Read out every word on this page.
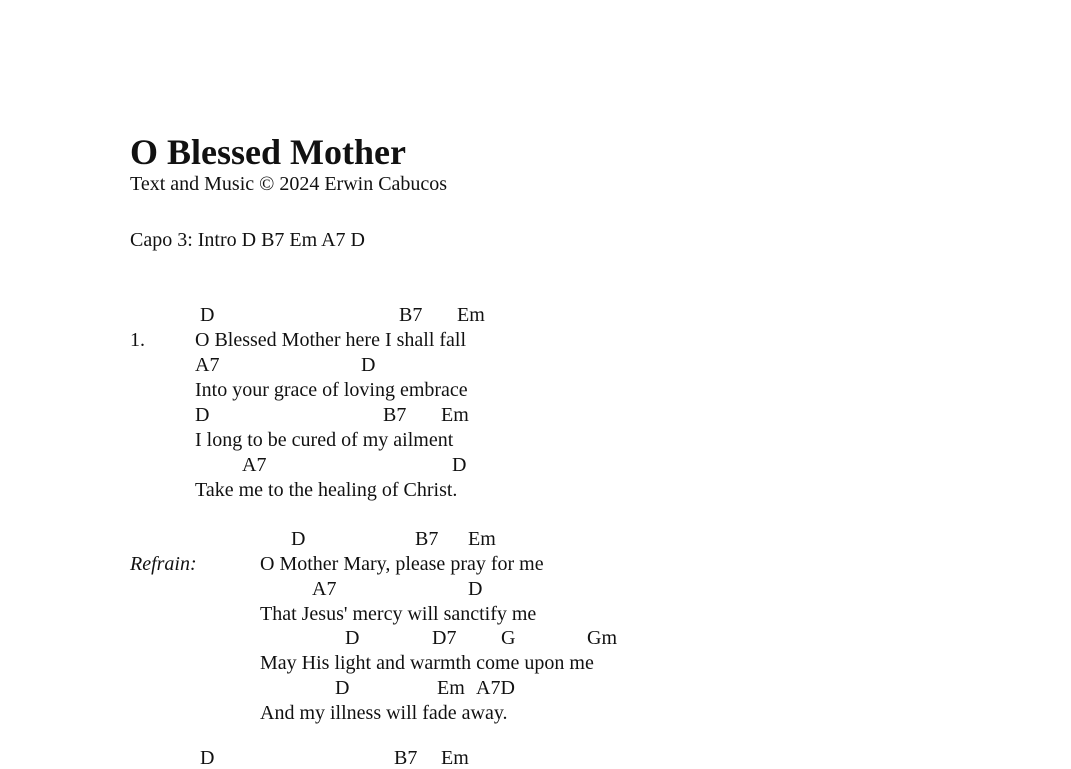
O Blessed Mother
Text and Music © 2024 Erwin Cabucos
Capo 3: Intro D B7 Em A7 D
1.
D	B7 Em
O Blessed Mother here I shall fall
A7	D
Into your grace of loving embrace
D	B7 Em
I long to be cured of my ailment
A7	D
Take me to the healing of Christ.
Refrain:
D	B7 Em
O Mother Mary, please pray for me
A7	D
That Jesus' mercy will sanctify me
D	D7 G	Gm
May His light and warmth come upon me
D	Em A7D
And my illness will fade away.
D	B7 Em
